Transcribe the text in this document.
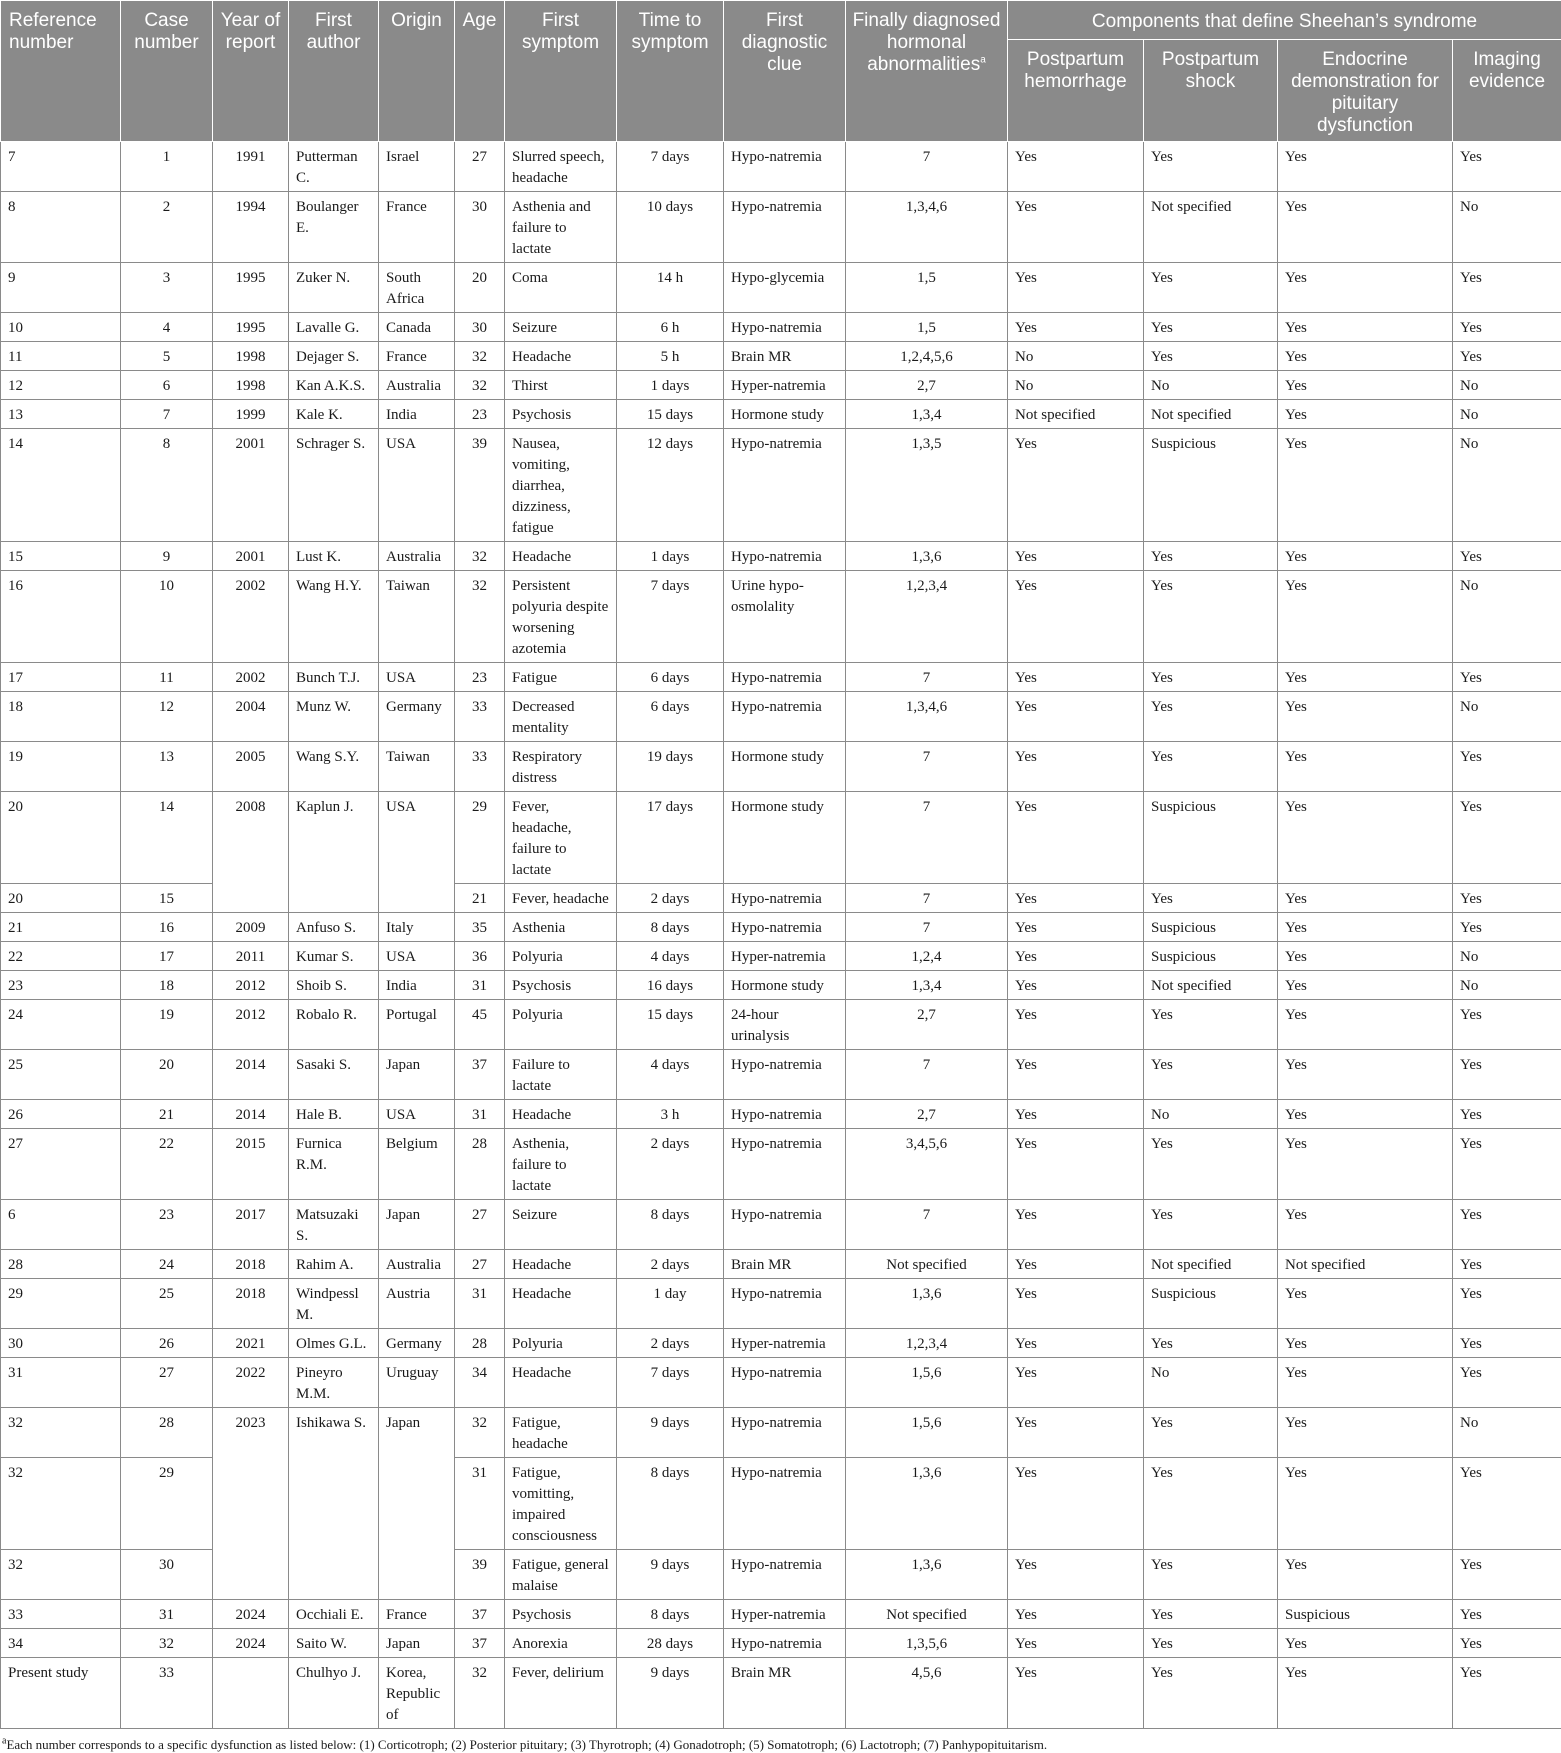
Reference number	Case number	Year of report	First author	Origin	Age	First symptom	Time to symptom	First diagnostic clue	Finally diagnosed hormonal abnormalities$^a$	Components that define Sheehan’s syndrome			
										Postpartum hemorrhage	Postpartum shock	Endocrine demonstration for pituitary dysfunction	Imaging evidence
7	1	1991	Putterman C.	Israel	27	Slurred speech, headache	7 days	Hypo-natremia	7	Yes	Yes	Yes	Yes
8	2	1994	Boulanger E.	France	30	Asthenia and failure to lactate	10 days	Hypo-natremia	1,3,4,6	Yes	Not specified	Yes	No
9	3	1995	Zuker N.	South Africa	20	Coma	14 h	Hypo-glycemia	1,5	Yes	Yes	Yes	Yes
10	4	1995	Lavalle G.	Canada	30	Seizure	6 h	Hypo-natremia	1,5	Yes	Yes	Yes	Yes
11	5	1998	Dejager S.	France	32	Headache	5 h	Brain MR	1,2,4,5,6	No	Yes	Yes	Yes
12	6	1998	Kan A.K.S.	Australia	32	Thirst	1 days	Hyper-natremia	2,7	No	No	Yes	No
13	7	1999	Kale K.	India	23	Psychosis	15 days	Hormone study	1,3,4	Not specified	Not specified	Yes	No
14	8	2001	Schrager S.	USA	39	Nausea, vomiting, diarrhea, dizziness, fatigue	12 days	Hypo-natremia	1,3,5	Yes	Suspicious	Yes	No
15	9	2001	Lust K.	Australia	32	Headache	1 days	Hypo-natremia	1,3,6	Yes	Yes	Yes	Yes
16	10	2002	Wang H.Y.	Taiwan	32	Persistent polyuria despite worsening azotemia	7 days	Urine hypo-osmolality	1,2,3,4	Yes	Yes	Yes	No
17	11	2002	Bunch T.J.	USA	23	Fatigue	6 days	Hypo-natremia	7	Yes	Yes	Yes	Yes
18	12	2004	Munz W.	Germany	33	Decreased mentality	6 days	Hypo-natremia	1,3,4,6	Yes	Yes	Yes	No
19	13	2005	Wang S.Y.	Taiwan	33	Respiratory distress	19 days	Hormone study	7	Yes	Yes	Yes	Yes
20	14	2008	Kaplun J.	USA	29	Fever, headache, failure to lactate	17 days	Hormone study	7	Yes	Suspicious	Yes	Yes
20	15				21	Fever, headache	2 days	Hypo-natremia	7	Yes	Yes	Yes	Yes
21	16	2009	Anfuso S.	Italy	35	Asthenia	8 days	Hypo-natremia	7	Yes	Suspicious	Yes	Yes
22	17	2011	Kumar S.	USA	36	Polyuria	4 days	Hyper-natremia	1,2,4	Yes	Suspicious	Yes	No
23	18	2012	Shoib S.	India	31	Psychosis	16 days	Hormone study	1,3,4	Yes	Not specified	Yes	No
24	19	2012	Robalo R.	Portugal	45	Polyuria	15 days	24-hour urinalysis	2,7	Yes	Yes	Yes	Yes
25	20	2014	Sasaki S.	Japan	37	Failure to lactate	4 days	Hypo-natremia	7	Yes	Yes	Yes	Yes
26	21	2014	Hale B.	USA	31	Headache	3 h	Hypo-natremia	2,7	Yes	No	Yes	Yes
27	22	2015	Furnica R.M.	Belgium	28	Asthenia, failure to lactate	2 days	Hypo-natremia	3,4,5,6	Yes	Yes	Yes	Yes
6	23	2017	Matsuzaki S.	Japan	27	Seizure	8 days	Hypo-natremia	7	Yes	Yes	Yes	Yes
28	24	2018	Rahim A.	Australia	27	Headache	2 days	Brain MR	Not specified	Yes	Not specified	Not specified	Yes
29	25	2018	Windpessl M.	Austria	31	Headache	1 day	Hypo-natremia	1,3,6	Yes	Suspicious	Yes	Yes
30	26	2021	Olmes G.L.	Germany	28	Polyuria	2 days	Hyper-natremia	1,2,3,4	Yes	Yes	Yes	Yes
31	27	2022	Pineyro M.M.	Uruguay	34	Headache	7 days	Hypo-natremia	1,5,6	Yes	No	Yes	Yes
32	28	2023	Ishikawa S.	Japan	32	Fatigue, headache	9 days	Hypo-natremia	1,5,6	Yes	Yes	Yes	No
32	29				31	Fatigue, vomitting, impaired consciousness	8 days	Hypo-natremia	1,3,6	Yes	Yes	Yes	Yes
32	30				39	Fatigue, general malaise	9 days	Hypo-natremia	1,3,6	Yes	Yes	Yes	Yes
33	31	2024	Occhiali E.	France	37	Psychosis	8 days	Hyper-natremia	Not specified	Yes	Yes	Suspicious	Yes
34	32	2024	Saito W.	Japan	37	Anorexia	28 days	Hypo-natremia	1,3,5,6	Yes	Yes	Yes	Yes
Present study	33		Chulhyo J.	Korea, Republic of	32	Fever, delirium	9 days	Brain MR	4,5,6	Yes	Yes	Yes	Yes
$^a$Each number corresponds to a specific dysfunction as listed below: (1) Corticotroph; (2) Posterior pituitary; (3) Thyrotroph; (4) Gonadotroph; (5) Somatotroph; (6) Lactotroph; (7) Panhypopituitarism.
